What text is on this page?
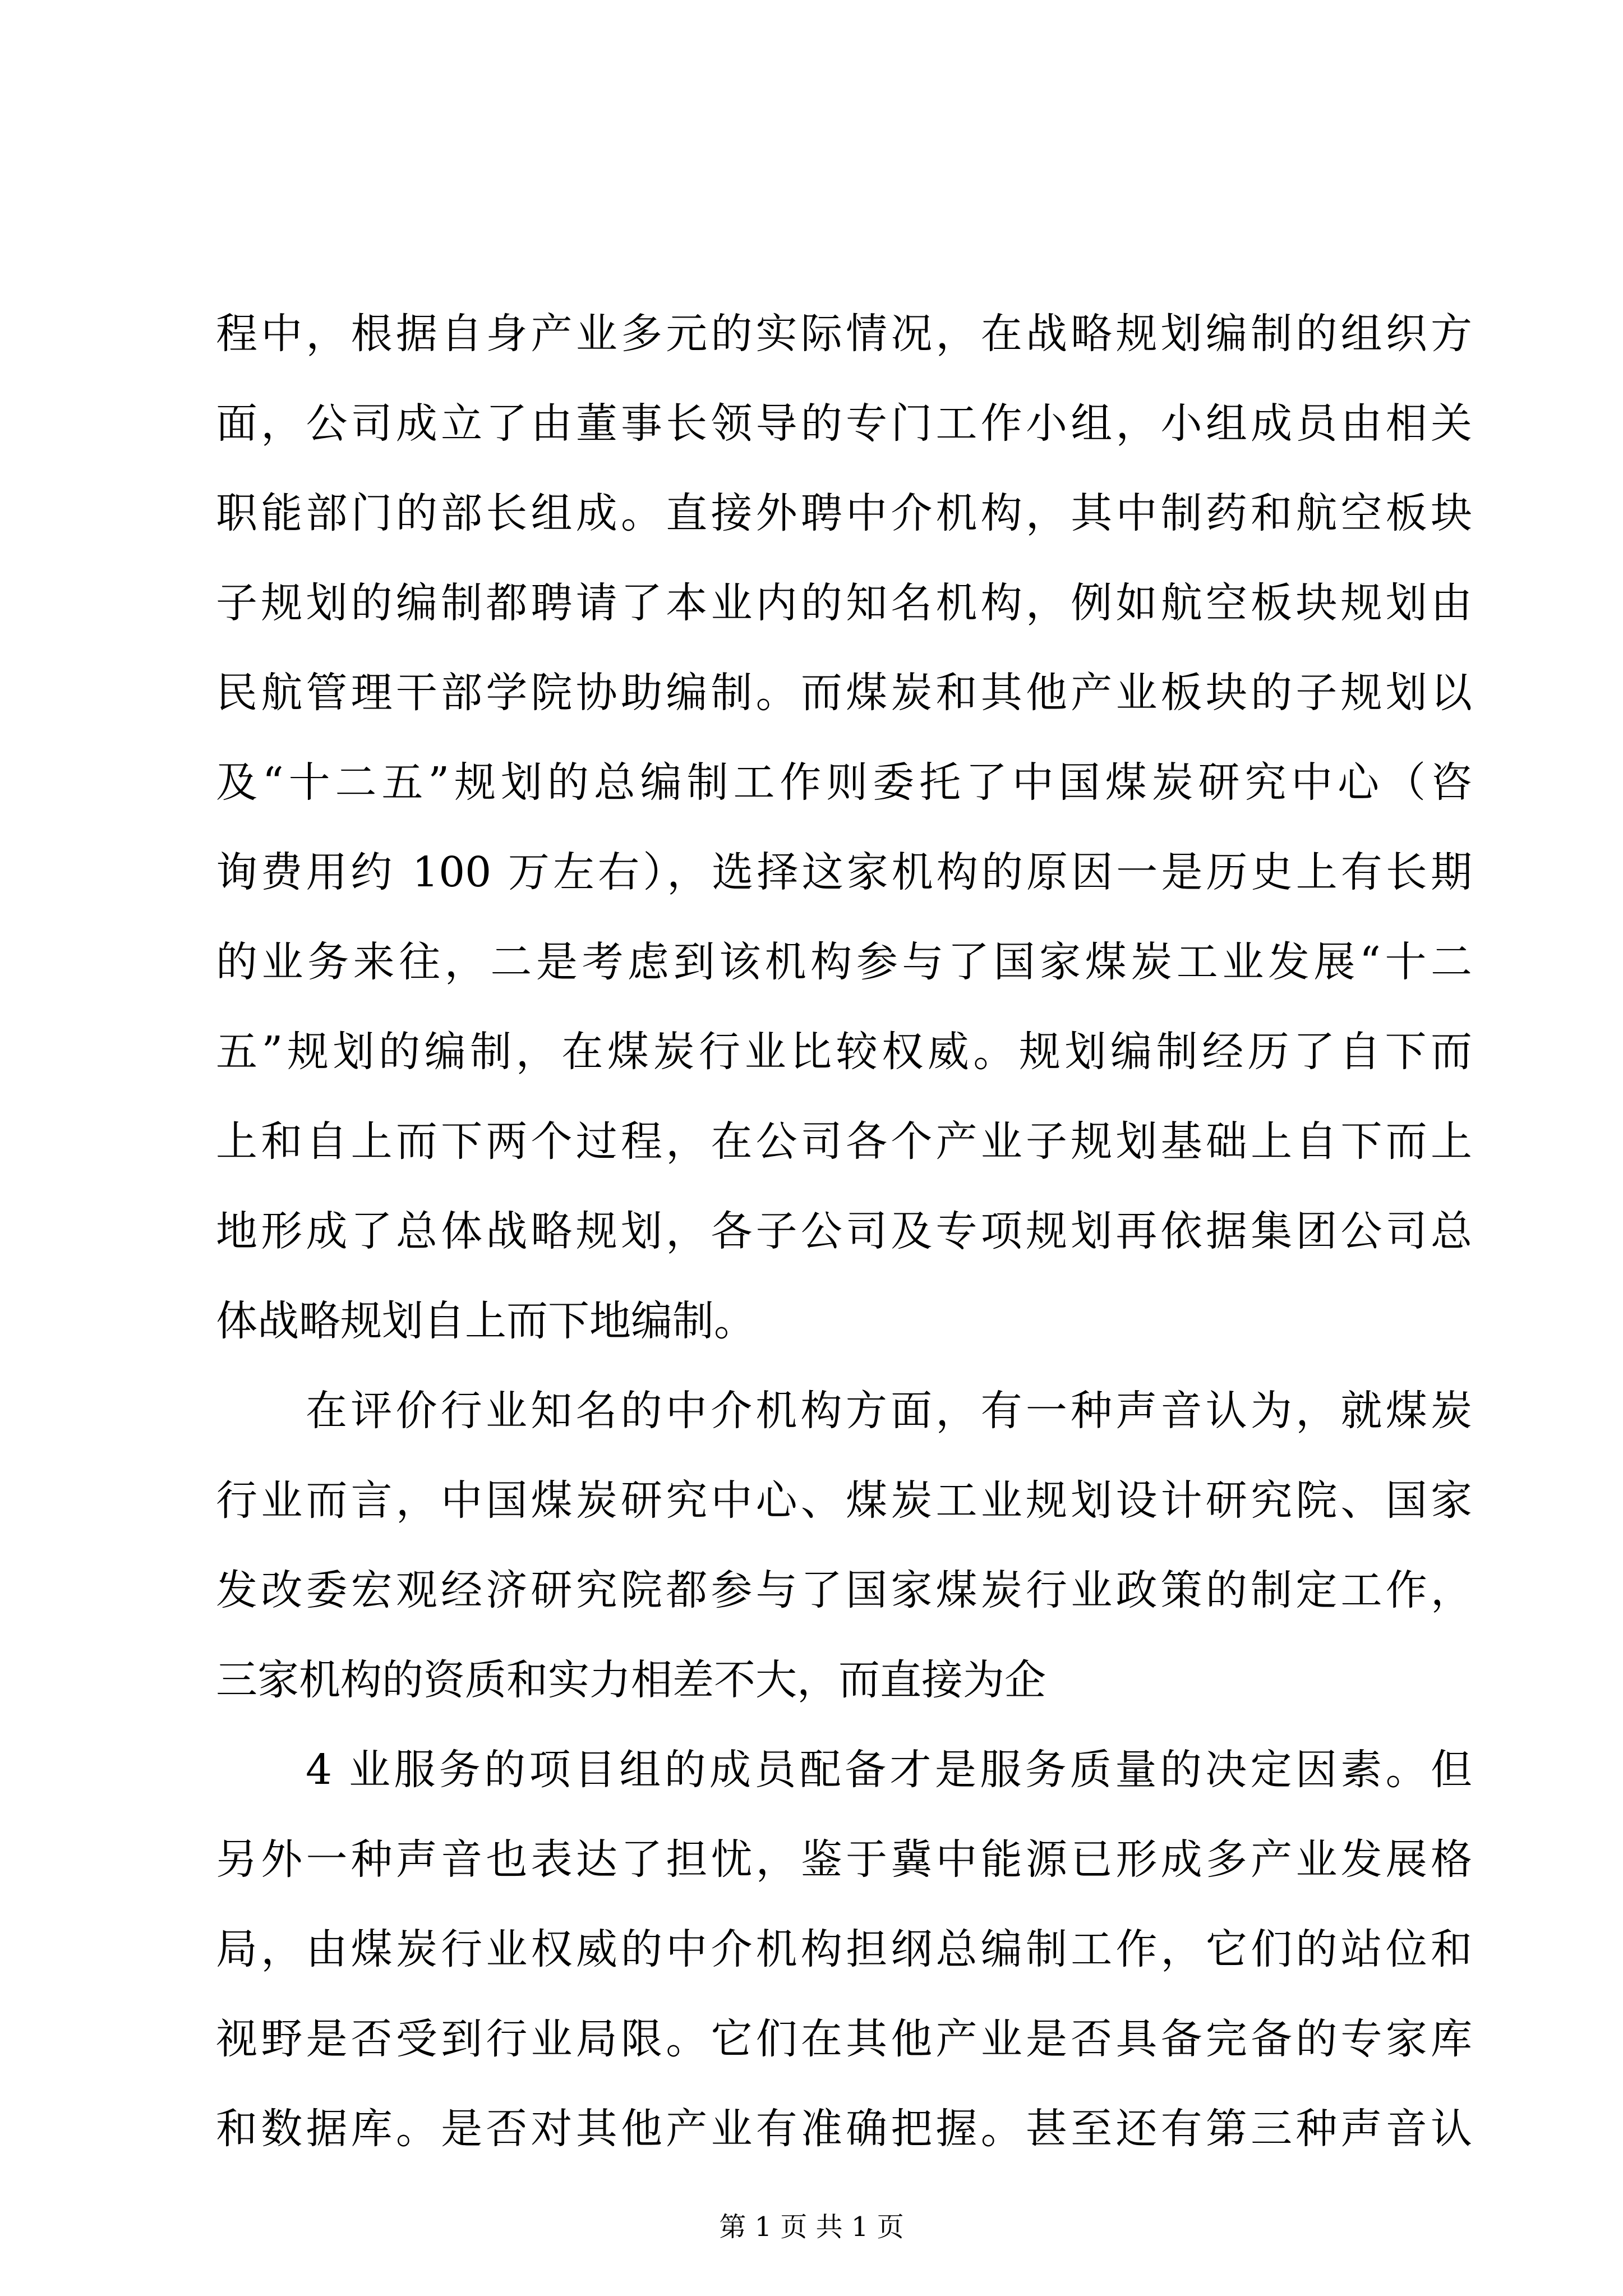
程中，根据自身产业多元的实际情况，在战略规划编制的组织方
面，公司成立了由董事长领导的专门工作小组，小组成员由相关
职能部门的部长组成。直接外聘中介机构，其中制药和航空板块
子规划的编制都聘请了本业内的知名机构，例如航空板块规划由
民航管理干部学院协助编制。而煤炭和其他产业板块的子规划以
及“十二五”规划的总编制工作则委托了中国煤炭研究中心（咨
询费用约 100 万左右），选择这家机构的原因一是历史上有长期
的业务来往，二是考虑到该机构参与了国家煤炭工业发展“十二
五”规划的编制，在煤炭行业比较权威。规划编制经历了自下而
上和自上而下两个过程，在公司各个产业子规划基础上自下而上
地形成了总体战略规划，各子公司及专项规划再依据集团公司总
体战略规划自上而下地编制。
在评价行业知名的中介机构方面，有一种声音认为，就煤炭
行业而言，中国煤炭研究中心、煤炭工业规划设计研究院、国家
发改委宏观经济研究院都参与了国家煤炭行业政策的制定工作，
三家机构的资质和实力相差不大，而直接为企
4 业服务的项目组的成员配备才是服务质量的决定因素。但
另外一种声音也表达了担忧，鉴于冀中能源已形成多产业发展格
局，由煤炭行业权威的中介机构担纲总编制工作，它们的站位和
视野是否受到行业局限。它们在其他产业是否具备完备的专家库
和数据库。是否对其他产业有准确把握。甚至还有第三种声音认
第 1 页 共 1 页
